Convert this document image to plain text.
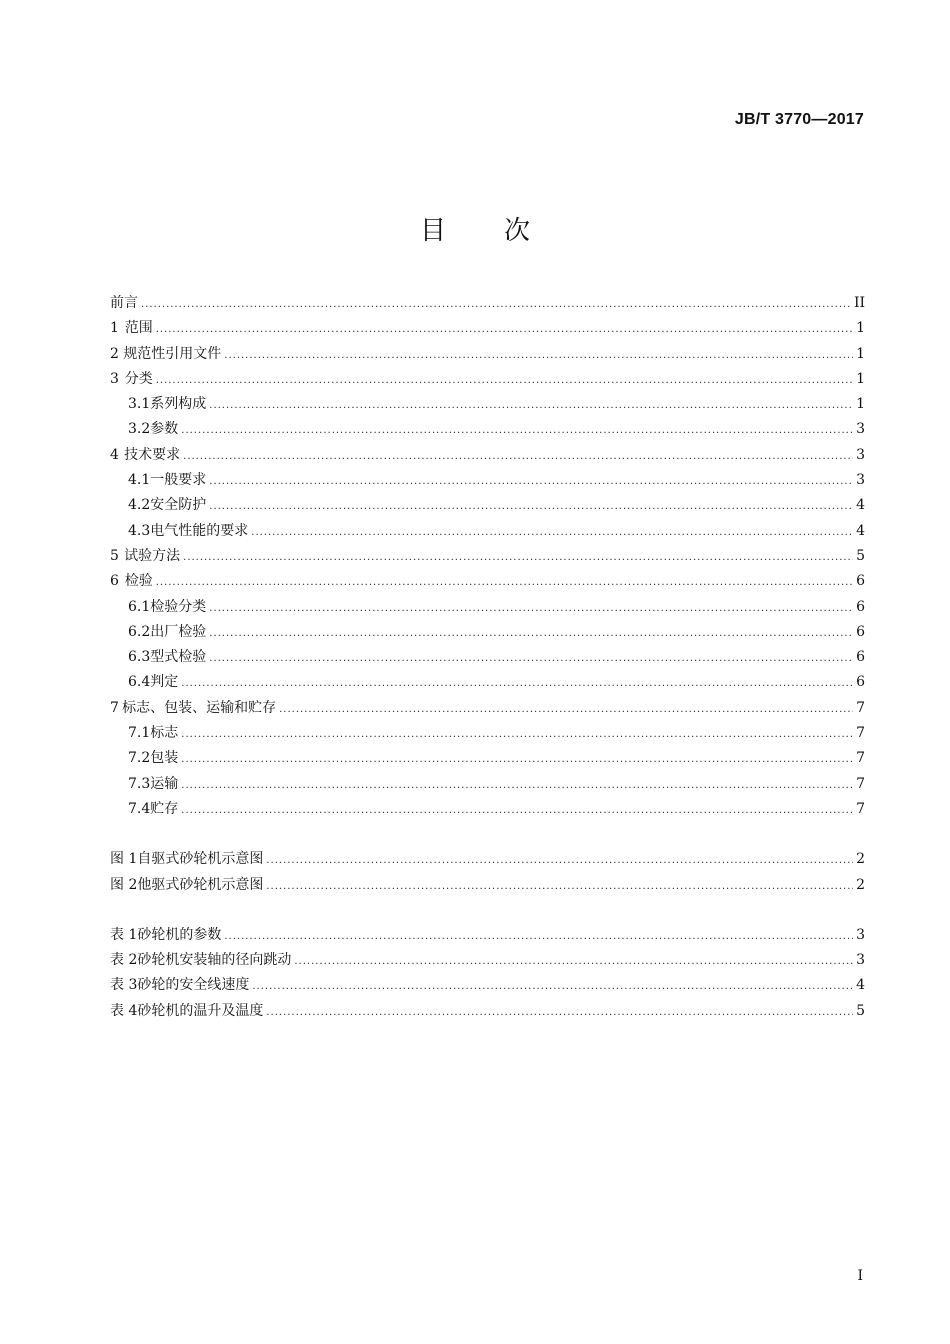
JB/T 3770—2017
目次
前言 .....	II
1 范围 .....	1
2 规范性引用文件 .....	1
3 分类 .....	1
3.1 系列构成 .....	1
3.2 参数 .....	3
4 技术要求 .....	3
4.1 一般要求 .....	3
4.2 安全防护 .....	4
4.3 电气性能的要求 .....	4
5 试验方法 .....	5
6 检验 .....	6
6.1 检验分类 .....	6
6.2 出厂检验 .....	6
6.3 型式检验 .....	6
6.4 判定 .....	6
7 标志、包装、运输和贮存 .....	7
7.1 标志 .....	7
7.2 包装 .....	7
7.3 运输 .....	7
7.4 贮存 .....	7
图 1 自驱式砂轮机示意图 .....	2
图 2 他驱式砂轮机示意图 .....	2
表 1 砂轮机的参数 .....	3
表 2 砂轮机安装轴的径向跳动 .....	3
表 3 砂轮的安全线速度 .....	4
表 4 砂轮机的温升及温度 .....	5
I
